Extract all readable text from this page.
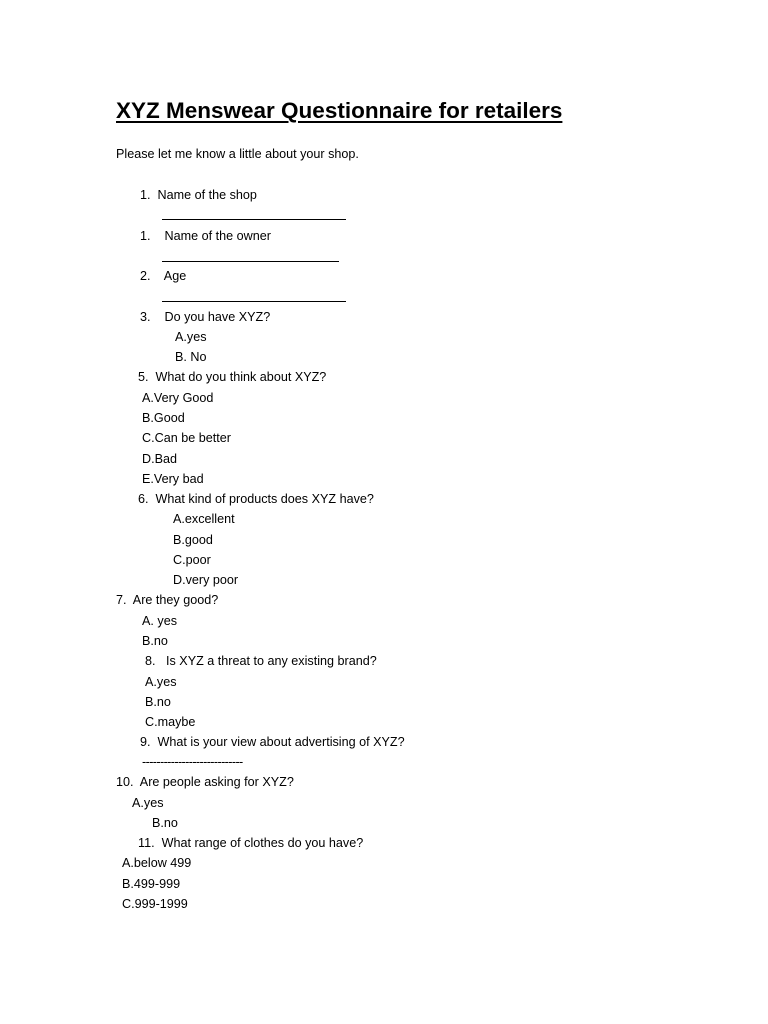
XYZ Menswear Questionnaire for retailers
Please let me know a little about your shop.
1.  Name of the shop
1.    Name of the owner
2.    Age
3.    Do you have XYZ?
A.yes
B. No
5.  What do you think about XYZ?
A.Very Good
B.Good
C.Can be better
D.Bad
E.Very bad
6.  What kind of products does XYZ have?
A.excellent
B.good
C.poor
D.very poor
7.  Are they good?
A. yes
B.no
8.   Is XYZ a threat to any existing brand?
A.yes
B.no
C.maybe
9.  What is your view about advertising of XYZ?
----------------------------
10.  Are people asking for XYZ?
A.yes
B.no
11.  What range of clothes do you have?
A.below 499
B.499-999
C.999-1999
